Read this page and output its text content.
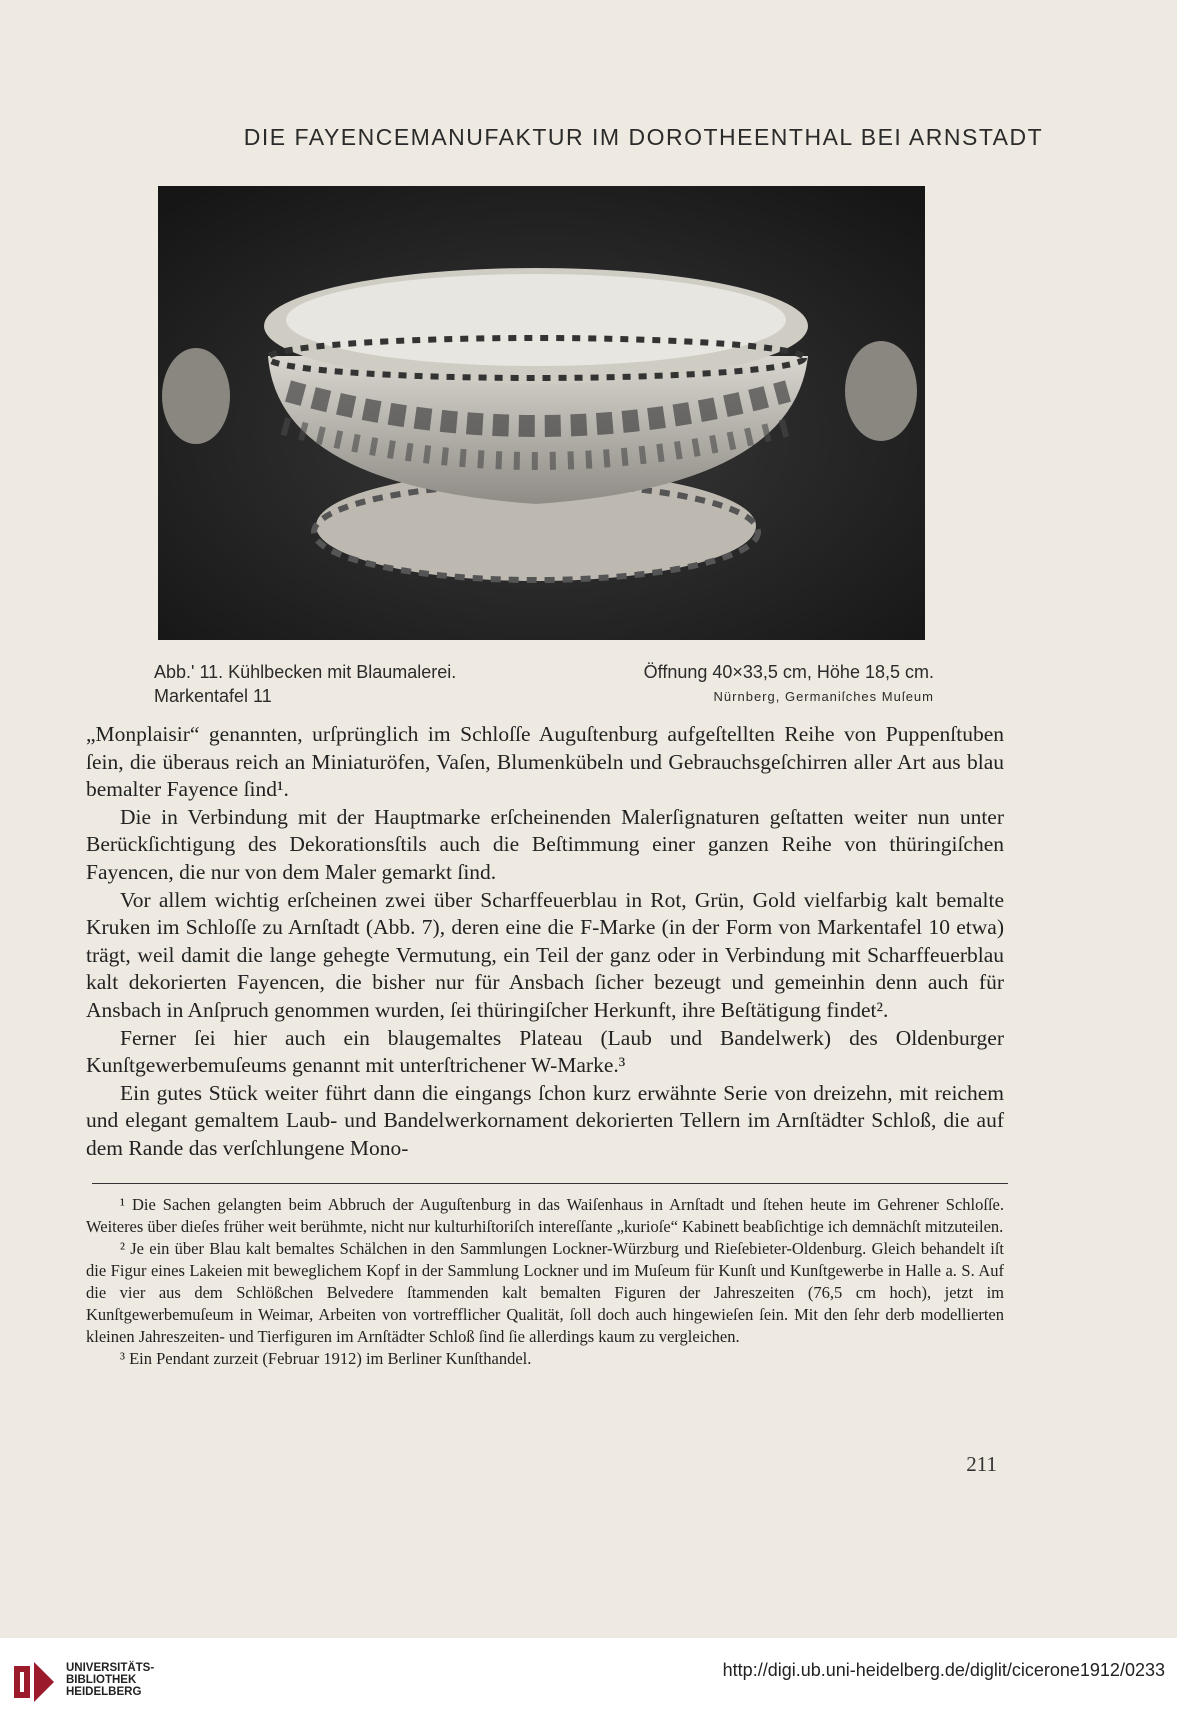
DIE FAYENCEMANUFAKTUR IM DOROTHEENTHAL BEI ARNSTADT
Abb.' 11. Kühlbecken mit Blaumalerei.	Öffnung 40×33,5 cm, Höhe 18,5 cm.
Markentafel 11	Nürnberg, Germaniſches Muſeum

„Monplaisir“ genannten, urſprünglich im Schloſſe Auguſtenburg aufgeſtellten Reihe von Puppenſtuben ſein, die überaus reich an Miniaturöfen, Vaſen, Blumenkübeln und Gebrauchsgeſchirren aller Art aus blau bemalter Fayence ſind¹.

Die in Verbindung mit der Hauptmarke erſcheinenden Malerſignaturen geſtatten weiter nun unter Berückſichtigung des Dekorationsſtils auch die Beſtimmung einer ganzen Reihe von thüringiſchen Fayencen, die nur von dem Maler gemarkt ſind.

Vor allem wichtig erſcheinen zwei über Scharffeuerblau in Rot, Grün, Gold vielfarbig kalt bemalte Kruken im Schloſſe zu Arnſtadt (Abb. 7), deren eine die F-Marke (in der Form von Markentafel 10 etwa) trägt, weil damit die lange gehegte Vermutung, ein Teil der ganz oder in Verbindung mit Scharffeuerblau kalt dekorierten Fayencen, die bisher nur für Ansbach ſicher bezeugt und gemeinhin denn auch für Ansbach in Anſpruch genommen wurden, ſei thüringiſcher Herkunft, ihre Beſtätigung findet².

Ferner ſei hier auch ein blaugemaltes Plateau (Laub und Bandelwerk) des Oldenburger Kunſtgewerbemuſeums genannt mit unterſtrichener W-Marke.³

Ein gutes Stück weiter führt dann die eingangs ſchon kurz erwähnte Serie von dreizehn, mit reichem und elegant gemaltem Laub- und Bandelwerkornament dekorierten Tellern im Arnſtädter Schloß, die auf dem Rande das verſchlungene Mono-

¹ Die Sachen gelangten beim Abbruch der Auguſtenburg in das Waiſenhaus in Arnſtadt und ſtehen heute im Gehrener Schloſſe. Weiteres über dieſes früher weit berühmte, nicht nur kulturhiſtoriſch intereſſante „kurioſe“ Kabinett beabſichtige ich demnächſt mitzuteilen.

² Je ein über Blau kalt bemaltes Schälchen in den Sammlungen Lockner-Würzburg und Rieſebieter-Oldenburg. Gleich behandelt iſt die Figur eines Lakeien mit beweglichem Kopf in der Sammlung Lockner und im Muſeum für Kunſt und Kunſtgewerbe in Halle a. S. Auf die vier aus dem Schlößchen Belvedere ſtammenden kalt bemalten Figuren der Jahreszeiten (76,5 cm hoch), jetzt im Kunſtgewerbemuſeum in Weimar, Arbeiten von vortrefflicher Qualität, ſoll doch auch hingewieſen ſein. Mit den ſehr derb modellierten kleinen Jahreszeiten- und Tierfiguren im Arnſtädter Schloß ſind ſie allerdings kaum zu vergleichen.

³ Ein Pendant zurzeit (Februar 1912) im Berliner Kunſthandel.

211
UNIVERSITÄTS-
BIBLIOTHEK
HEIDELBERG
http://digi.ub.uni-heidelberg.de/diglit/cicerone1912/0233
